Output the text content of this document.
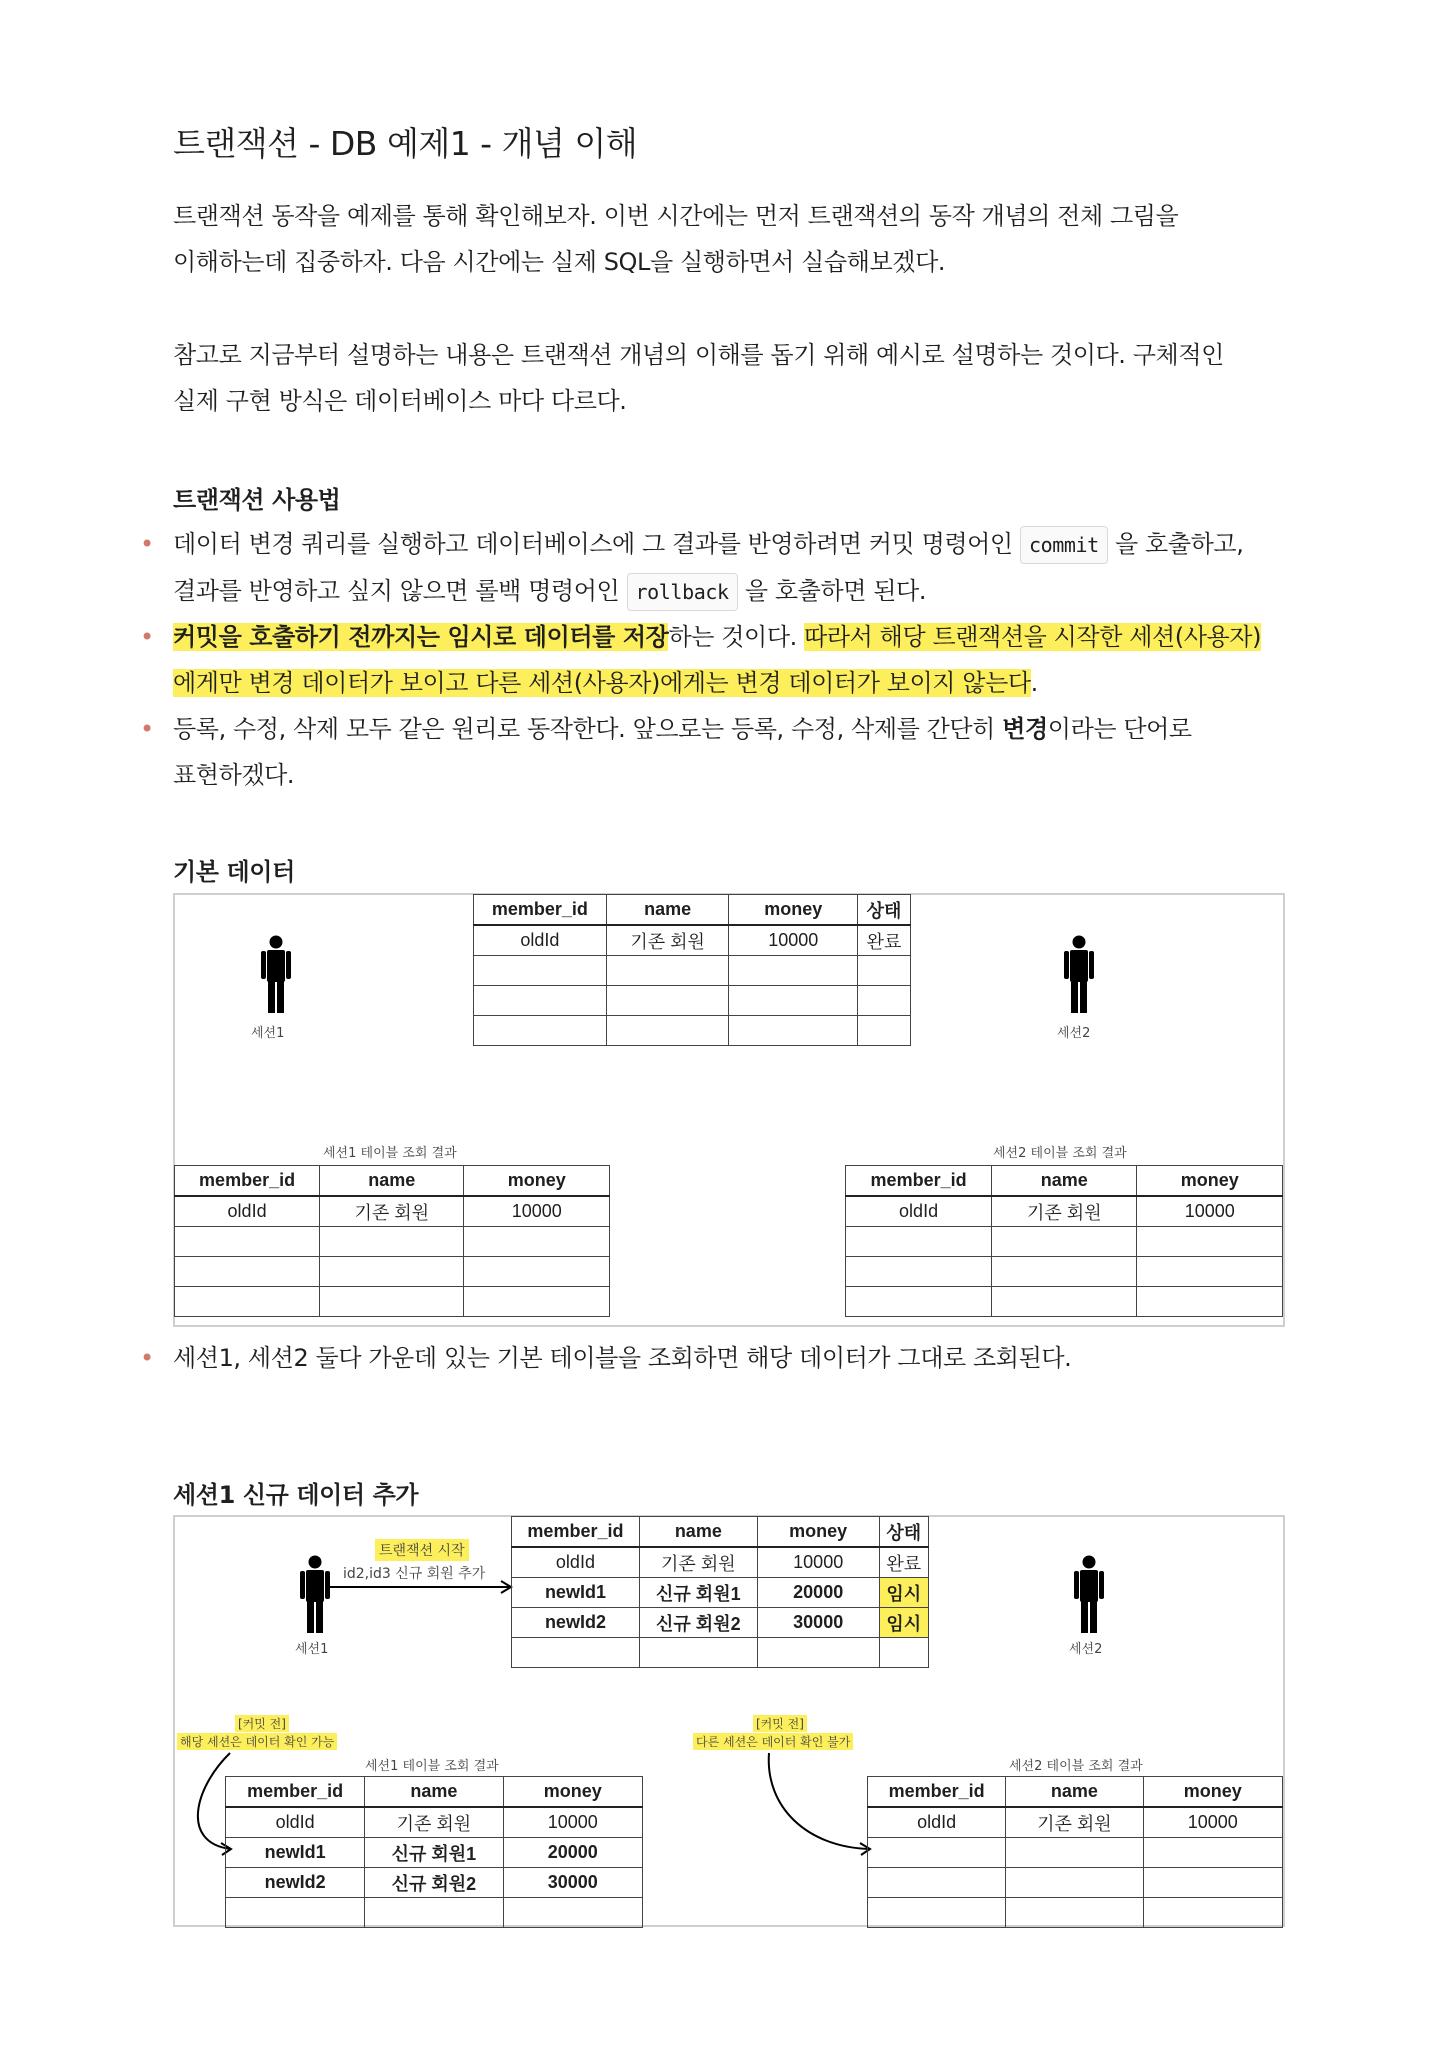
트랜잭션 - DB 예제1 - 개념 이해
트랜잭션 동작을 예제를 통해 확인해보자. 이번 시간에는 먼저 트랜잭션의 동작 개념의 전체 그림을
이해하는데 집중하자. 다음 시간에는 실제 SQL을 실행하면서 실습해보겠다.
참고로 지금부터 설명하는 내용은 트랜잭션 개념의 이해를 돕기 위해 예시로 설명하는 것이다. 구체적인
실제 구현 방식은 데이터베이스 마다 다르다.
트랜잭션 사용법
• 데이터 변경 쿼리를 실행하고 데이터베이스에 그 결과를 반영하려면 커밋 명령어인 commit 을 호출하고,
결과를 반영하고 싶지 않으면 롤백 명령어인 rollback 을 호출하면 된다.
• 커밋을 호출하기 전까지는 임시로 데이터를 저장하는 것이다. 따라서 해당 트랜잭션을 시작한 세션(사용자)
에게만 변경 데이터가 보이고 다른 세션(사용자)에게는 변경 데이터가 보이지 않는다.
• 등록, 수정, 삭제 모두 같은 원리로 동작한다. 앞으로는 등록, 수정, 삭제를 간단히 변경이라는 단어로
표현하겠다.
기본 데이터
세션1	세션2
member_id	name	money	상태
oldId	기존 회원	10000	완료

세션1 테이블 조회 결과
member_id	name	money
oldId	기존 회원	10000

세션2 테이블 조회 결과
member_id	name	money
oldId	기존 회원	10000

• 세션1, 세션2 둘다 가운데 있는 기본 테이블을 조회하면 해당 데이터가 그대로 조회된다.
세션1 신규 데이터 추가
세션1
트랜잭션 시작
id2,id3 신규 회원 추가
member_id	name	money	상태
oldId	기존 회원	10000	완료
newId1	신규 회원1	20000	임시
newId2	신규 회원2	30000	임시

세션2
[커밋 전]
해당 세션은 데이터 확인 가능
[커밋 전]
다른 세션은 데이터 확인 불가
세션1 테이블 조회 결과
member_id	name	money
oldId	기존 회원	10000
newId1	신규 회원1	20000
newId2	신규 회원2	30000

세션2 테이블 조회 결과
member_id	name	money
oldId	기존 회원	10000
